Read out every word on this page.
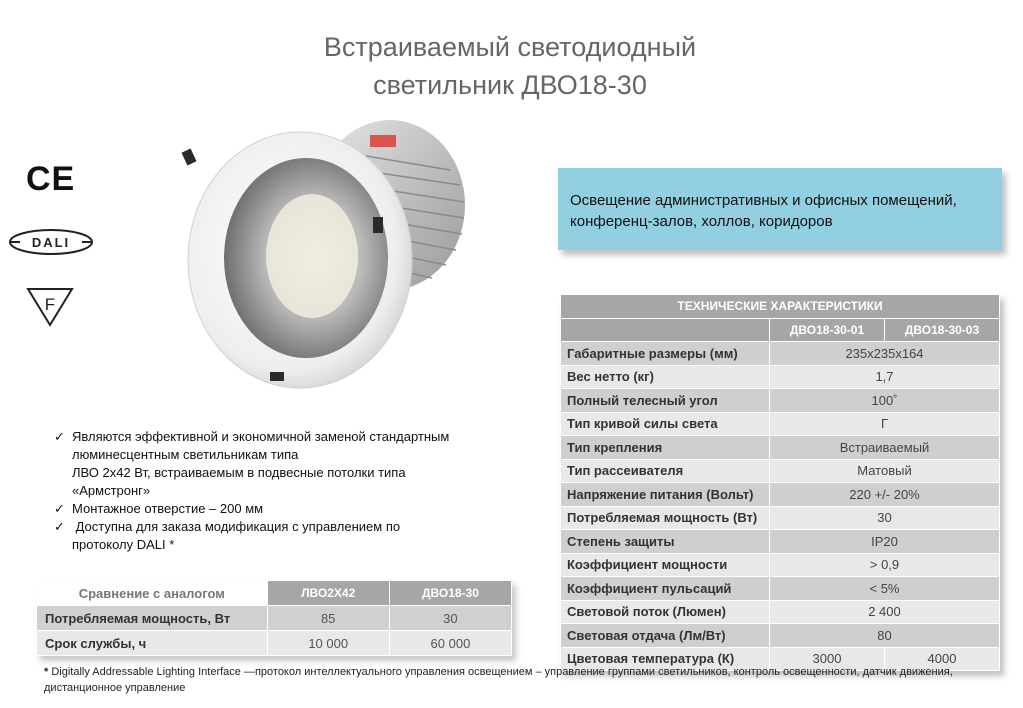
Встраиваемый светодиодный
светильник ДВО18-30
CE
DALI
F
Освещение административных и офисных помещений, конференц-залов, холлов, коридоров
ТЕХНИЧЕСКИЕ ХАРАКТЕРИСТИКИ		
	ДВО18-30-01	ДВО18-30-03
Габаритные размеры (мм)	235x235x164	
Вес нетто (кг)	1,7	
Полный телесный угол	100˚	
Тип кривой силы света	Г	
Тип крепления	Встраиваемый	
Тип рассеивателя	Матовый	
Напряжение питания (Вольт)	220 +/- 20%	
Потребляемая мощность (Вт)	30	
Степень защиты	IP20	
Коэффициент мощности	> 0,9	
Коэффициент пульсаций	< 5%	
Световой поток (Люмен)	2 400	
Световая отдача (Лм/Вт)	80	
Цветовая температура (К)	3000	4000
✓ Являются эффективной и экономичной заменой стандартным
люминесцентным светильникам типа
ЛВО 2x42 Вт, встраиваемым в подвесные потолки типа
«Армстронг»
✓ Монтажное отверстие – 200 мм
✓ Доступна для заказа модификация с управлением по
протоколу DALI *
Сравнение с аналогом	ЛВО2Х42	ДВО18-30
Потребляемая мощность, Вт	85	30
Срок службы, ч	10 000	60 000
* Digitally Addressable Lighting Interface —протокол интеллектуального управления освещением – управление группами светильников, контроль освещенности, датчик движения, дистанционное управление
